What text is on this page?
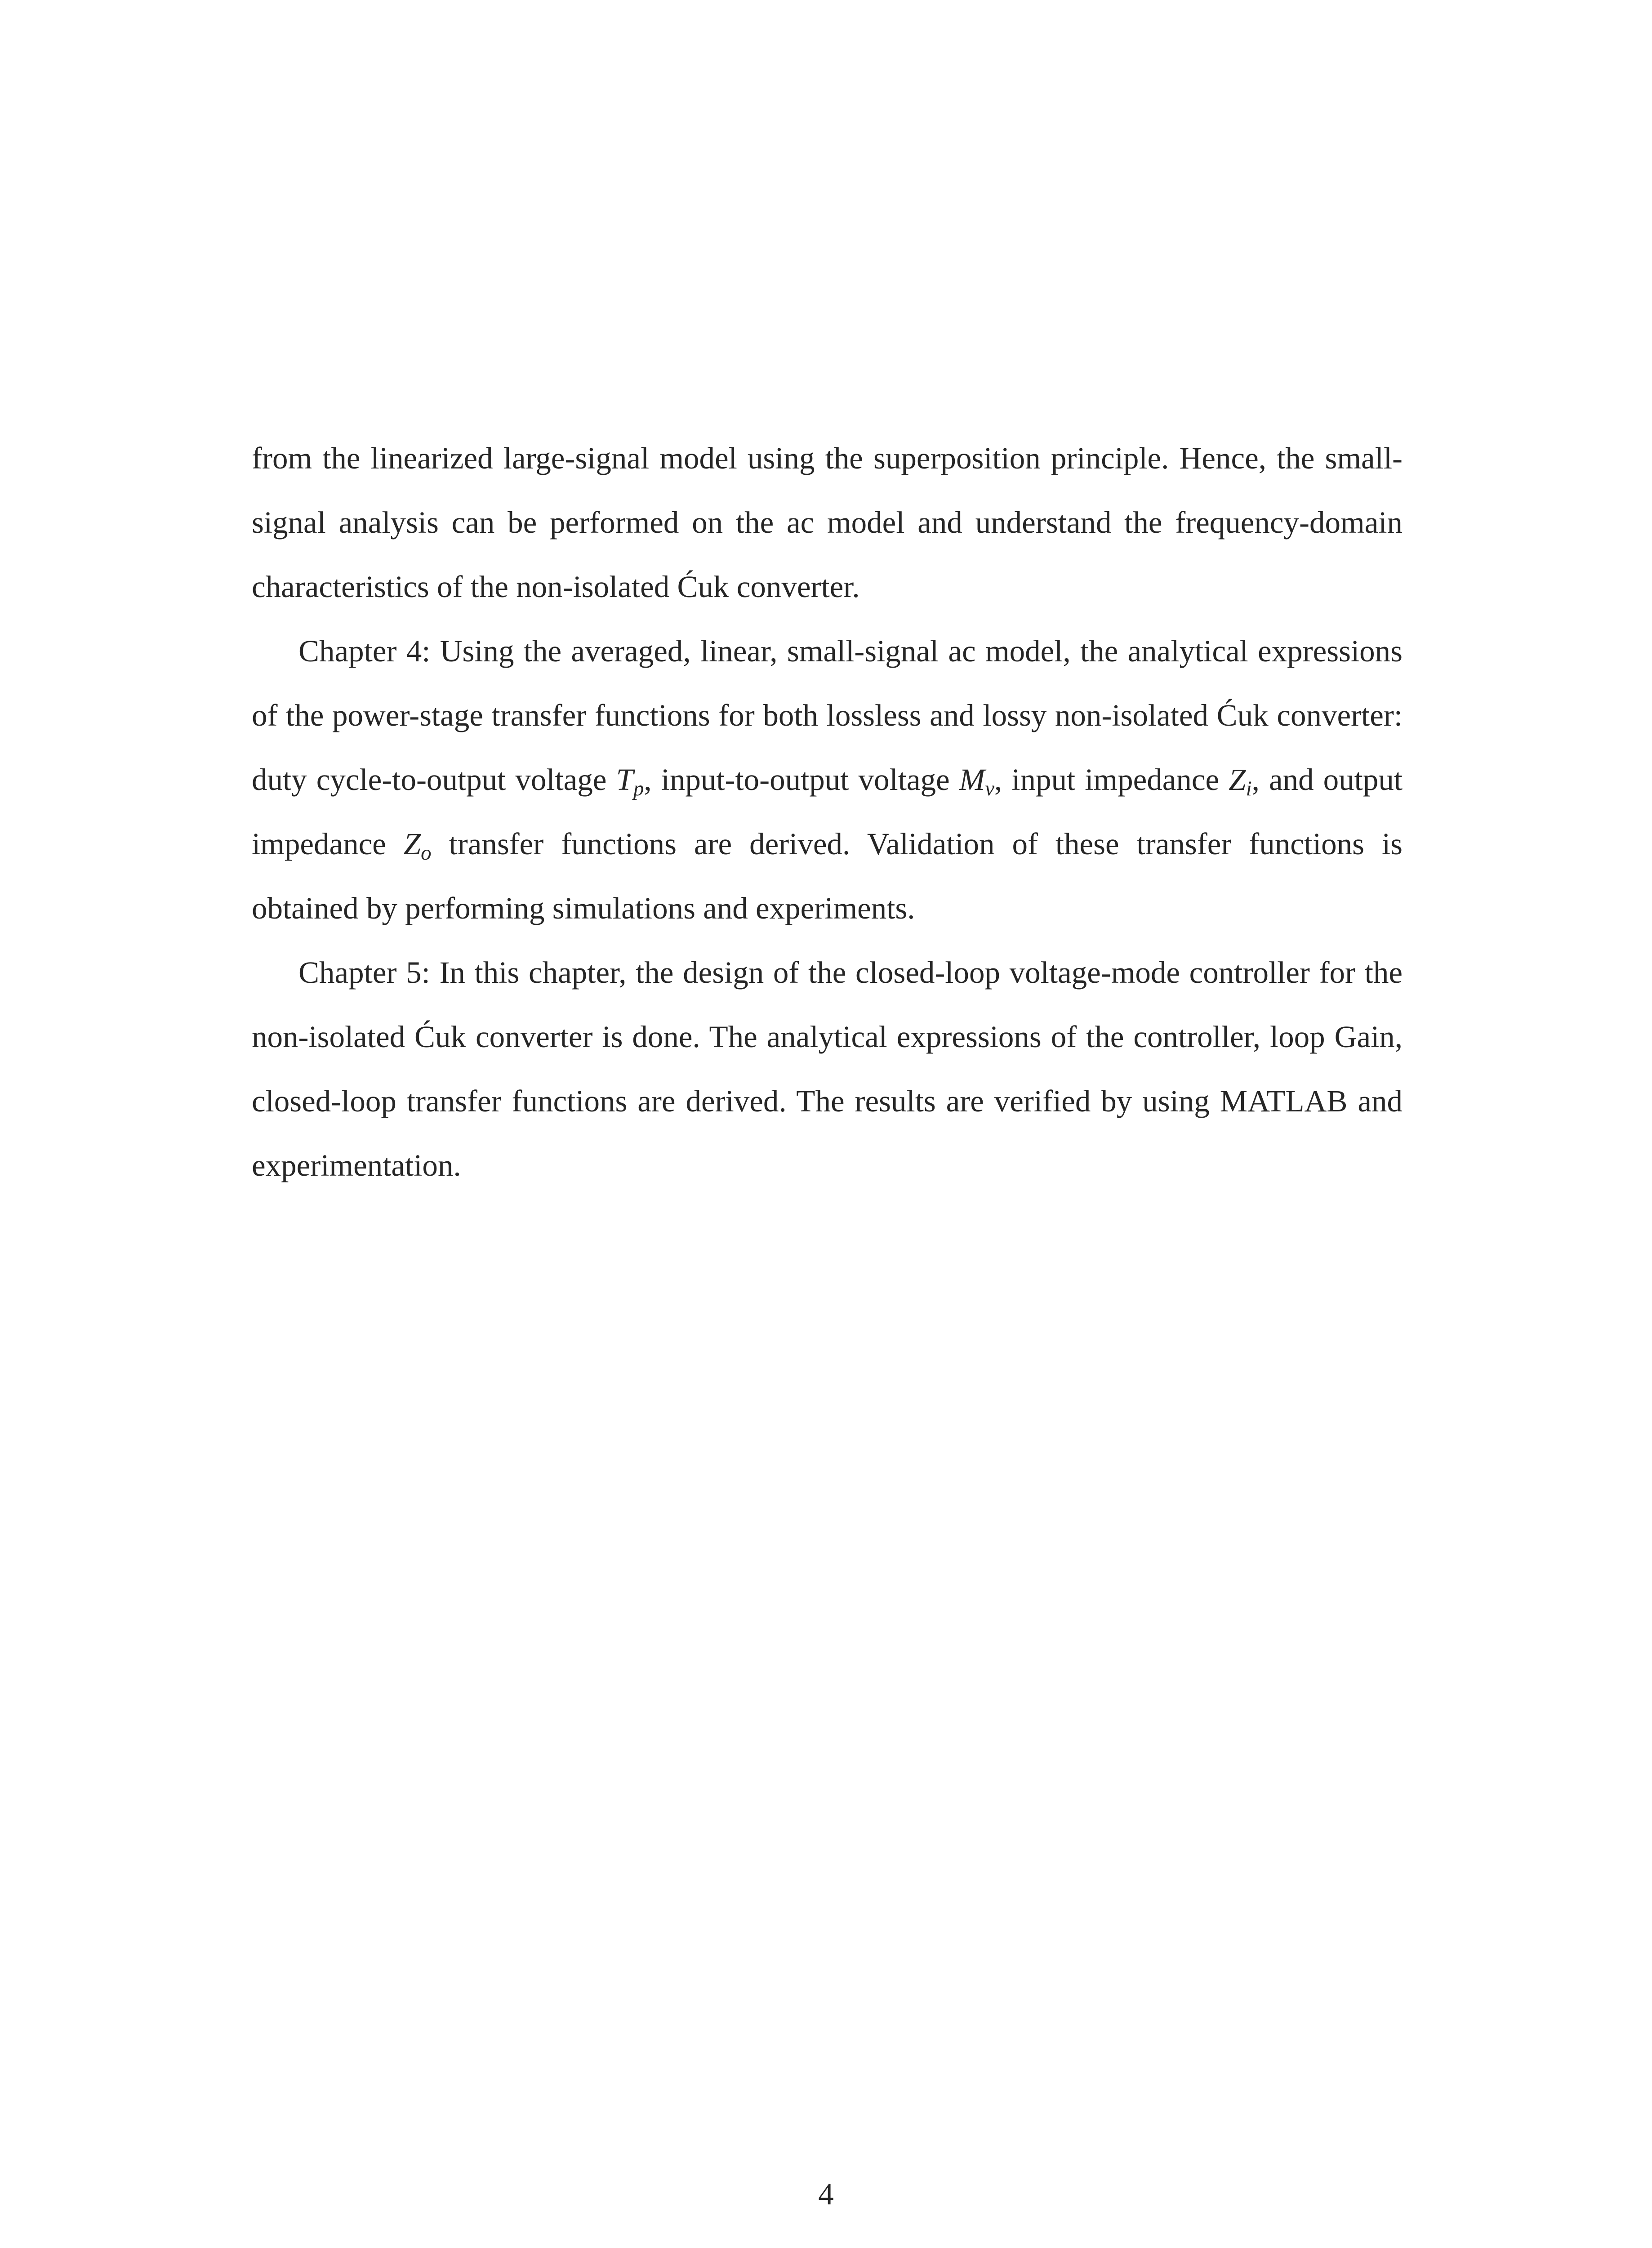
from the linearized large-signal model using the superposition principle. Hence, the small-signal analysis can be performed on the ac model and understand the frequency-domain characteristics of the non-isolated Ćuk converter.

Chapter 4: Using the averaged, linear, small-signal ac model, the analytical expressions of the power-stage transfer functions for both lossless and lossy non-isolated Ćuk converter: duty cycle-to-output voltage $T_p$, input-to-output voltage $M_v$, input impedance $Z_i$, and output impedance $Z_o$ transfer functions are derived. Validation of these transfer functions is obtained by performing simulations and experiments.

Chapter 5: In this chapter, the design of the closed-loop voltage-mode controller for the non-isolated Ćuk converter is done. The analytical expressions of the controller, loop Gain, closed-loop transfer functions are derived. The results are verified by using MATLAB and experimentation.

4
